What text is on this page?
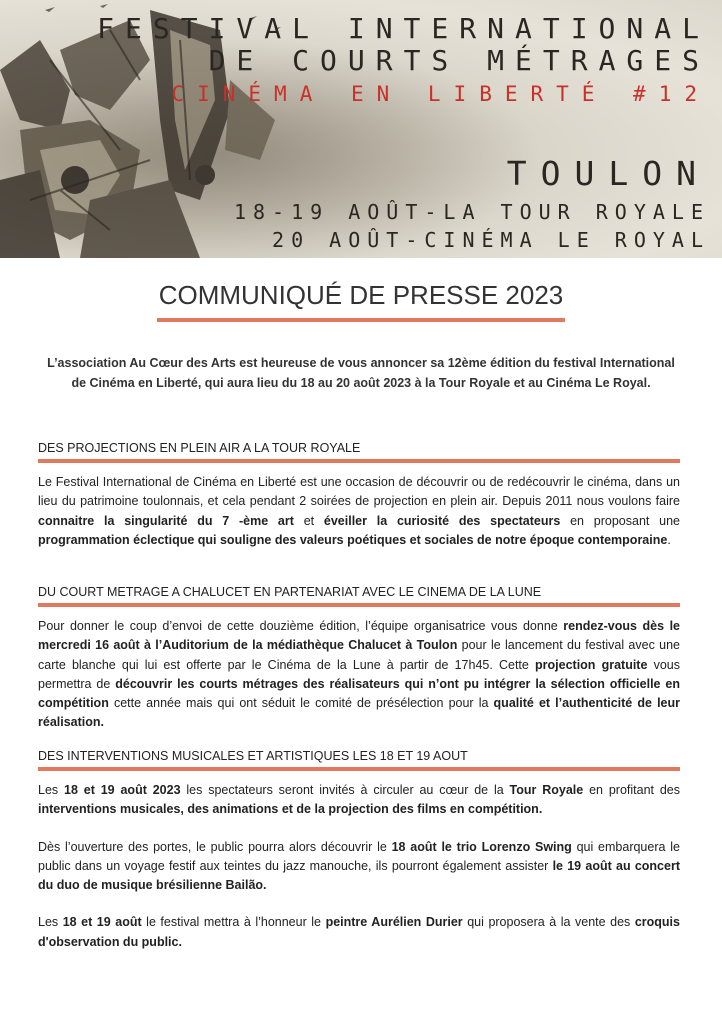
FESTIVAL INTERNATIONAL
DE COURTS MÉTRAGES
CINÉMA EN LIBERTÉ #12
TOULON
18-19 AOÛT-LA TOUR ROYALE
20 AOÛT-CINÉMA LE ROYAL
COMMUNIQUÉ DE PRESSE 2023

L’association Au Cœur des Arts est heureuse de vous annoncer sa 12ème édition du festival International de Cinéma en Liberté, qui aura lieu du 18 au 20 août 2023 à la Tour Royale et au Cinéma Le Royal.

DES PROJECTIONS EN PLEIN AIR A LA TOUR ROYALE

Le Festival International de Cinéma en Liberté est une occasion de découvrir ou de redécouvrir le cinéma, dans un lieu du patrimoine toulonnais, et cela pendant 2 soirées de projection en plein air. Depuis 2011 nous voulons faire connaitre la singularité du 7 -ème art et éveiller la curiosité des spectateurs en proposant une programmation éclectique qui souligne des valeurs poétiques et sociales de notre époque contemporaine.

DU COURT METRAGE A CHALUCET EN PARTENARIAT AVEC LE CINEMA DE LA LUNE

Pour donner le coup d’envoi de cette douzième édition, l’équipe organisatrice vous donne rendez-vous dès le mercredi 16 août à l’Auditorium de la médiathèque Chalucet à Toulon pour le lancement du festival avec une carte blanche qui lui est offerte par le Cinéma de la Lune à partir de 17h45. Cette projection gratuite vous permettra de découvrir les courts métrages des réalisateurs qui n’ont pu intégrer la sélection officielle en compétition cette année mais qui ont séduit le comité de présélection pour la qualité et l’authenticité de leur réalisation.

DES INTERVENTIONS MUSICALES ET ARTISTIQUES LES 18 ET 19 AOUT

Les 18 et 19 août 2023 les spectateurs seront invités à circuler au cœur de la Tour Royale en profitant des interventions musicales, des animations et de la projection des films en compétition.

Dès l’ouverture des portes, le public pourra alors découvrir le 18 août le trio Lorenzo Swing qui embarquera le public dans un voyage festif aux teintes du jazz manouche, ils pourront également assister le 19 août au concert du duo de musique brésilienne Bailão.

Les 18 et 19 août le festival mettra à l’honneur le peintre Aurélien Durier qui proposera à la vente des croquis d'observation du public.
